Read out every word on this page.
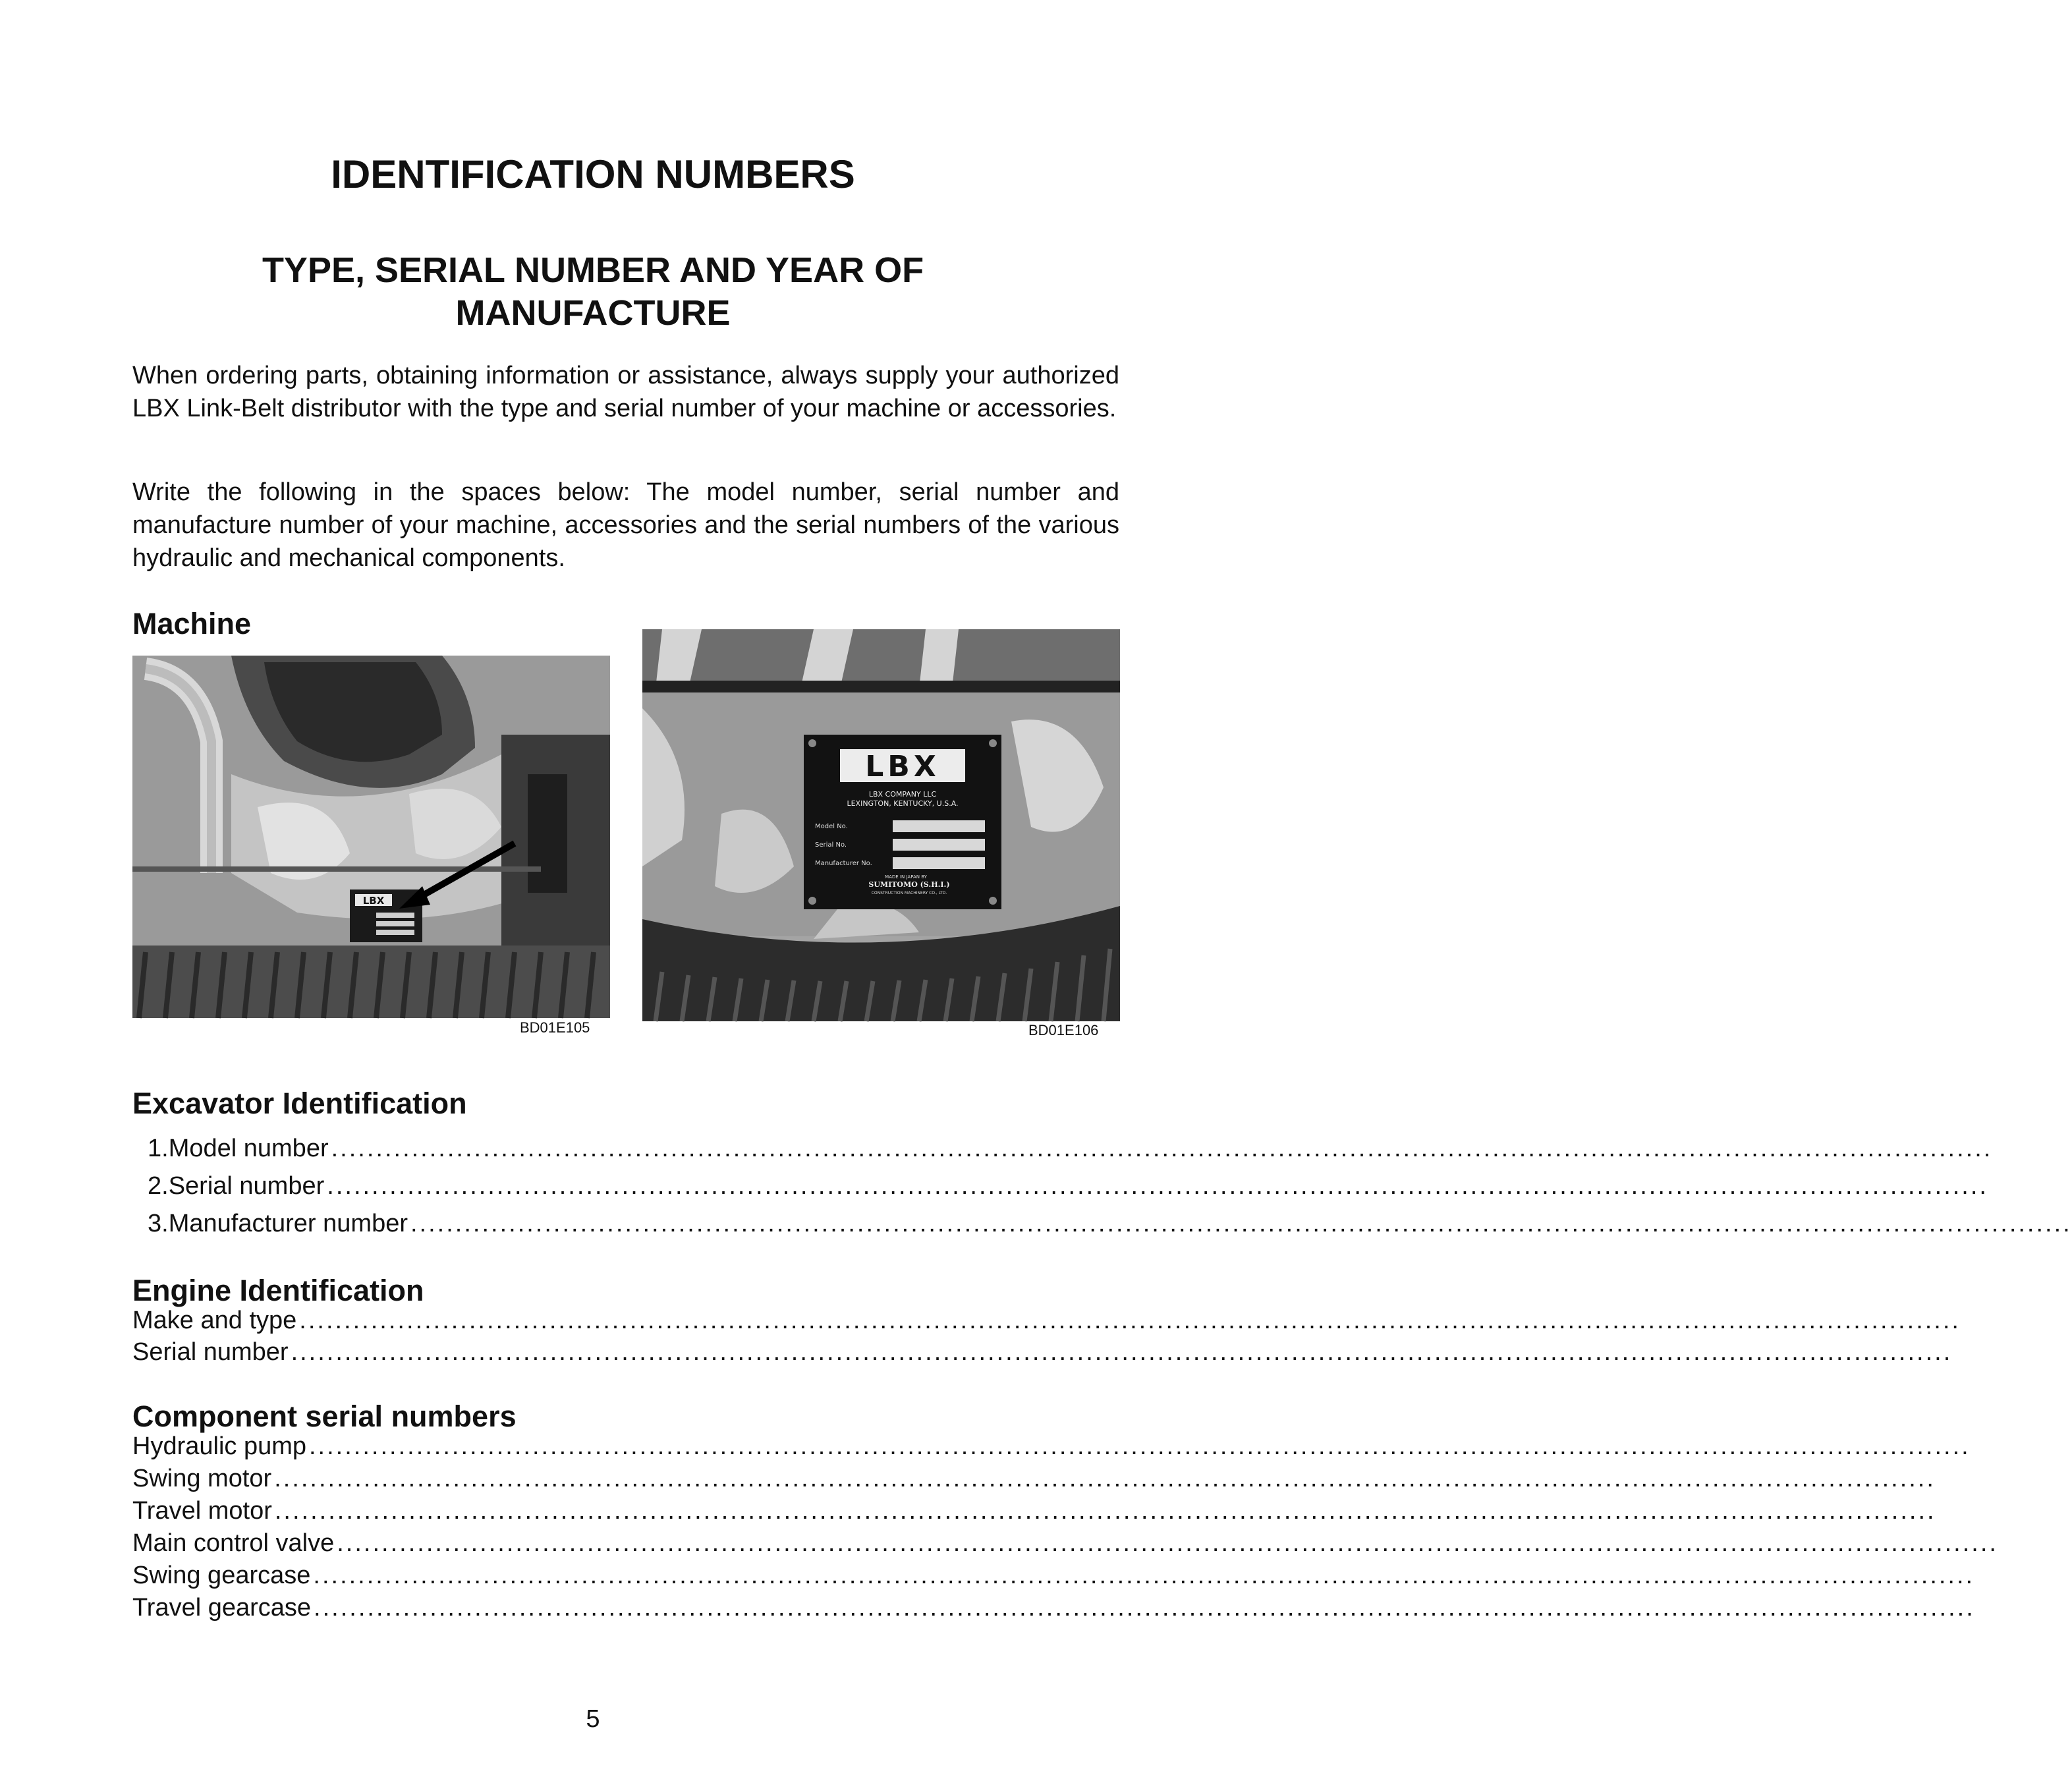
IDENTIFICATION NUMBERS
TYPE, SERIAL NUMBER AND YEAR OF MANUFACTURE

When ordering parts, obtaining information or assistance, always supply your authorized LBX Link-Belt distributor with the type and serial number of your machine or accessories.

Write the following in the spaces below: The model number, serial number and manufacture number of your machine, accessories and the serial numbers of the various hydraulic and mechanical components.

Machine
LBX

BD01E105

LBX
LBX COMPANY LLC
LEXINGTON, KENTUCKY, U.S.A.
Model No.
Serial No.
Manufacturer No.
MADE IN JAPAN BY
SUMITOMO (S.H.I.)
CONSTRUCTION MACHINERY CO., LTD.

BD01E106

Excavator Identification
1. Model number ..........................................................................................................................................................................................
2. Serial number ..........................................................................................................................................................................................
3. Manufacturer number ..........................................................................................................................................................................................
Engine Identification
Make and type ..........................................................................................................................................................................................
Serial number ..........................................................................................................................................................................................
Component serial numbers
Hydraulic pump ..........................................................................................................................................................................................
Swing motor ..........................................................................................................................................................................................
Travel motor ..........................................................................................................................................................................................
Main control valve ..........................................................................................................................................................................................
Swing gearcase ..........................................................................................................................................................................................
Travel gearcase ..........................................................................................................................................................................................

5
